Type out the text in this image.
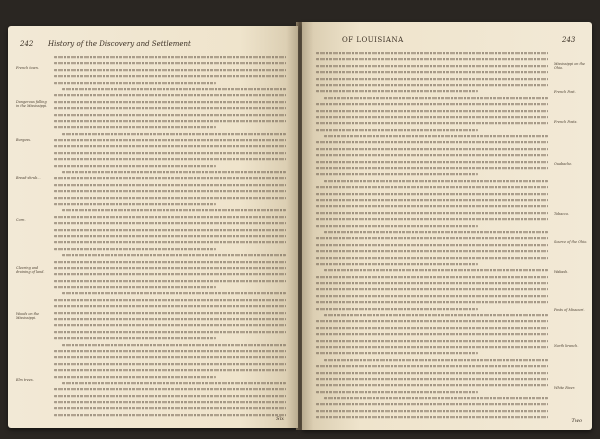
242 History of the Discovery and Settlement
French town.
Dangerous falling in the Mississippi.
Burgess.
Bread-shrub...
Corn.
Clearing and draining of land.
Woods on the Mississippi.
Elm trees.
Six
OF LOUISIANA	243
Mississippi on the Ohio.
French Post.
French Posts.
Ouabache.
Tobacco.
Source of the Ohio.
Wabash.
Posts of Missouri.
North branch.
White River.
Two
